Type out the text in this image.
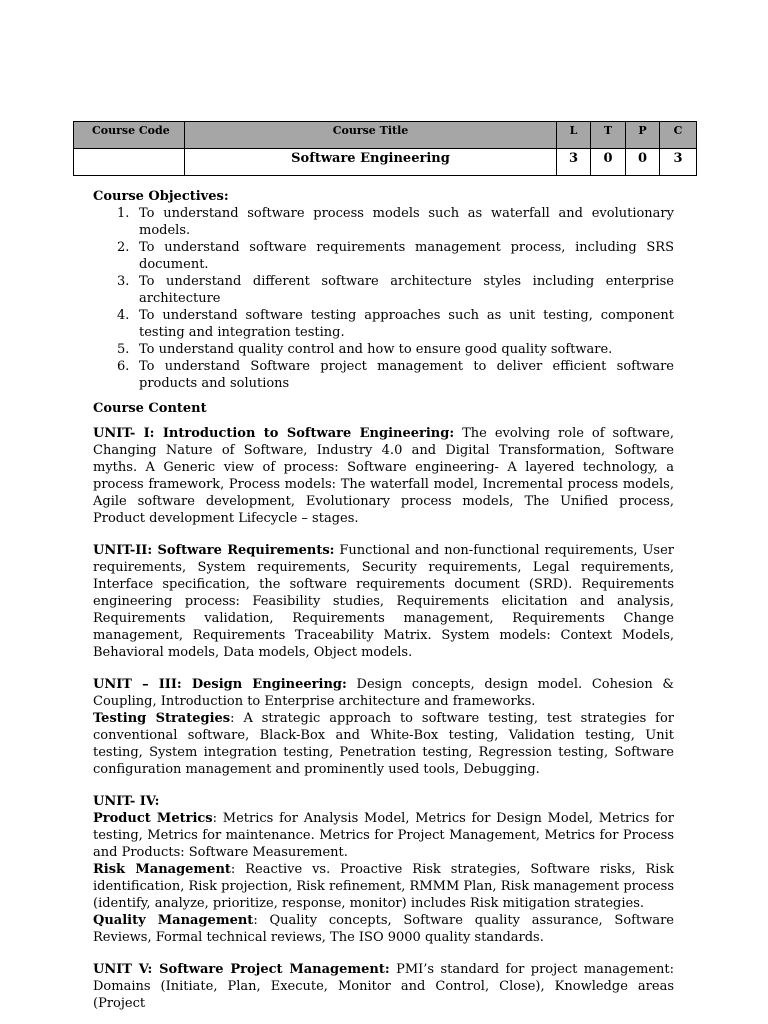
Course Code	Course Title	L	T	P	C
	Software Engineering	3	0	0	3

Course Objectives:

1. To understand software process models such as waterfall and evolutionary models.
2. To understand software requirements management process, including SRS document.
3. To understand different software architecture styles including enterprise architecture
4. To understand software testing approaches such as unit testing, component testing and integration testing.
5. To understand quality control and how to ensure good quality software.
6. To understand Software project management to deliver efficient software products and solutions

Course Content

UNIT- I: Introduction to Software Engineering: The evolving role of software, Changing Nature of Software, Industry 4.0 and Digital Transformation, Software myths. A Generic view of process: Software engineering- A layered technology, a process framework, Process models: The waterfall model, Incremental process models, Agile software development, Evolutionary process models, The Unified process, Product development Lifecycle – stages.

UNIT-II: Software Requirements: Functional and non-functional requirements, User requirements, System requirements, Security requirements, Legal requirements, Interface specification, the software requirements document (SRD). Requirements engineering process: Feasibility studies, Requirements elicitation and analysis, Requirements validation, Requirements management, Requirements Change management, Requirements Traceability Matrix. System models: Context Models, Behavioral models, Data models, Object models.

UNIT – III: Design Engineering: Design concepts, design model. Cohesion & Coupling, Introduction to Enterprise architecture and frameworks.

Testing Strategies: A strategic approach to software testing, test strategies for conventional software, Black-Box and White-Box testing, Validation testing, Unit testing, System integration testing, Penetration testing, Regression testing, Software configuration management and prominently used tools, Debugging.

UNIT- IV:

Product Metrics: Metrics for Analysis Model, Metrics for Design Model, Metrics for testing, Metrics for maintenance. Metrics for Project Management, Metrics for Process and Products: Software Measurement.

Risk Management: Reactive vs. Proactive Risk strategies, Software risks, Risk identification, Risk projection, Risk refinement, RMMM Plan, Risk management process (identify, analyze, prioritize, response, monitor) includes Risk mitigation strategies.

Quality Management: Quality concepts, Software quality assurance, Software Reviews, Formal technical reviews, The ISO 9000 quality standards.

UNIT V: Software Project Management: PMI’s standard for project management: Domains (Initiate, Plan, Execute, Monitor and Control, Close), Knowledge areas (Project
